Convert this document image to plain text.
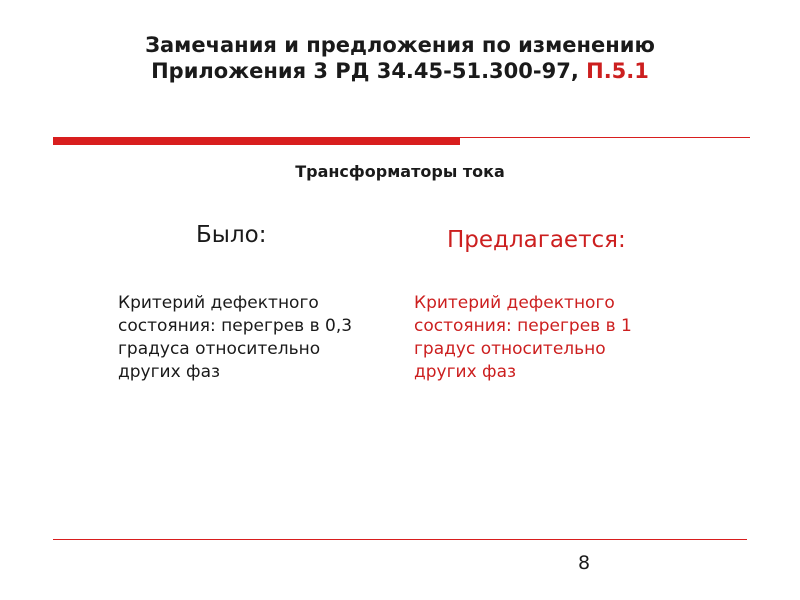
Замечания и предложения по изменению
Приложения 3 РД 34.45-51.300-97, П.5.1
Трансформаторы тока
Было:	Предлагается:
Критерий дефектного
состояния: перегрев в 0,3
градуса относительно
других фаз
Критерий дефектного
состояния: перегрев в 1
градус относительно
других фаз
8
